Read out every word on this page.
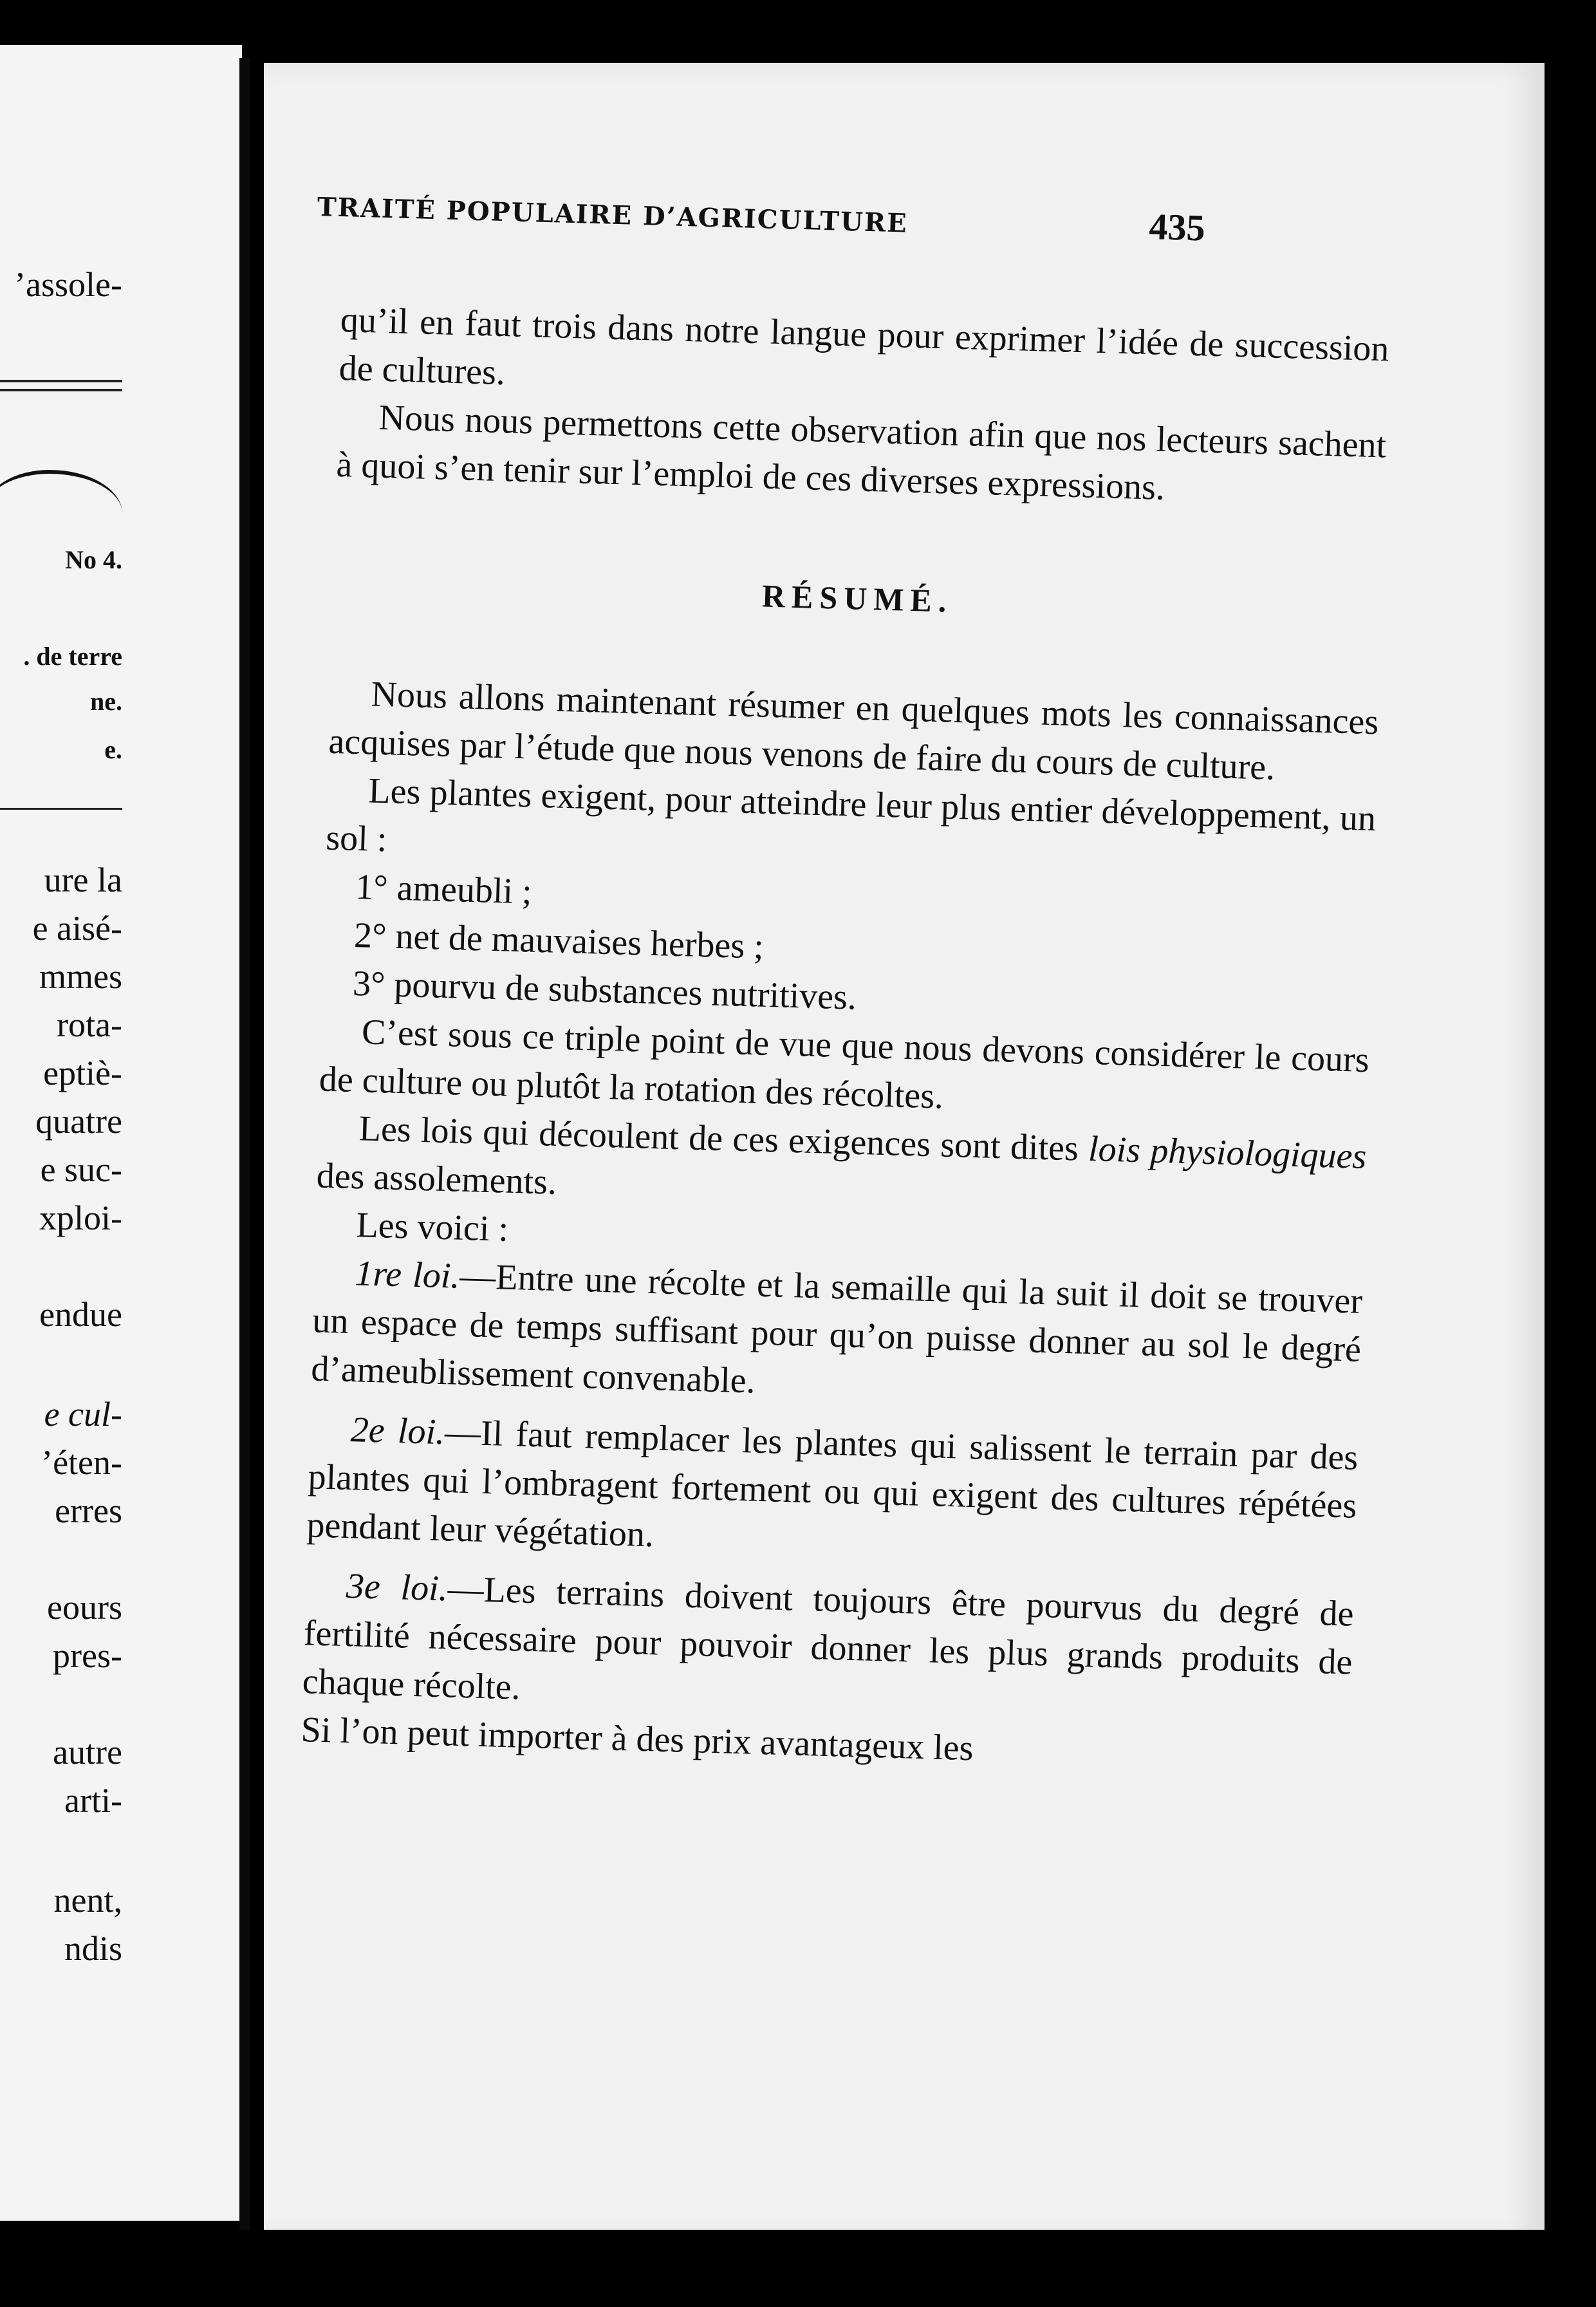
’assole-
No 4.
. de terre
ne.
e.
ure la
e aisé-
mmes
rota-
eptiè-
quatre
e suc-
xploi-
endue
e cul-
’éten-
erres
eours
pres-
autre
arti-
nent,
ndis
TRAITÉ POPULAIRE D’AGRICULTURE	435

qu’il en faut trois dans notre langue pour exprimer l’idée de succession de cultures.

Nous nous permettons cette observation afin que nos lecteurs sachent à quoi s’en tenir sur l’emploi de ces diverses expressions.

RÉSUMÉ.

Nous allons maintenant résumer en quelques mots les connaissances acquises par l’étude que nous venons de faire du cours de culture.

Les plantes exigent, pour atteindre leur plus entier développement, un sol :

1° ameubli ;

2° net de mauvaises herbes ;

3° pourvu de substances nutritives.

C’est sous ce triple point de vue que nous devons considérer le cours de culture ou plutôt la rotation des récoltes.

Les lois qui découlent de ces exigences sont dites lois physiologiques des assolements.

Les voici :

1re loi.—Entre une récolte et la semaille qui la suit il doit se trouver un espace de temps suffisant pour qu’on puisse donner au sol le degré d’ameublissement convenable.

2e loi.—Il faut remplacer les plantes qui salissent le terrain par des plantes qui l’ombragent fortement ou qui exigent des cultures répétées pendant leur végétation.

3e loi.—Les terrains doivent toujours être pourvus du degré de fertilité nécessaire pour pouvoir donner les plus grands produits de chaque récolte.

Si l’on peut importer à des prix avantageux les
